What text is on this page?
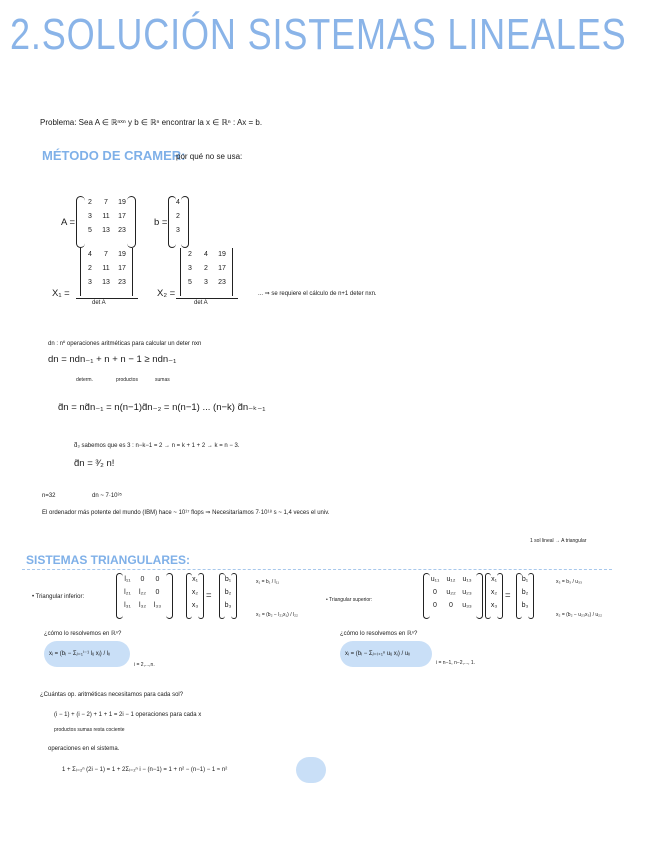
2.SOLUCIÓN SISTEMAS LINEALES
Problema: Sea A ∈ ℝⁿˣⁿ y b ∈ ℝⁿ encontrar la x ∈ ℝⁿ : Ax = b.
MÉTODO DE CRAMER:
por qué no se usa:
A =
2	7	19
3	11	17
5	13	23
b =
4
2
3
X₁ =
4	7	19
2	11	17
3	13	23
det A
X₂ =
2	4	19
3	2	17
5	3	23
det A
... ⇒ se requiere el cálculo de n+1 deter nxn.
dn : nº operaciones aritméticas para calcular un deter nxn
dn = ndn₋₁ + n + n − 1 ≥ ndn₋₁
determ.	productos	sumas
d̃n = nd̃n₋₁ = n(n−1)d̃n₋₂ = n(n−1) ... (n−k) d̃n₋ₖ₋₁
d̃₃ sabemos que es 3 : n−k−1 = 2 → n = k + 1 + 2 → k = n − 3.
d̃n = ³⁄₂ n!
n=32	dn ~ 7·10³⁵
El ordenador más potente del mundo (IBM) hace ~ 10¹⁷ flops ⇒ Necesitaríamos 7·10¹⁸ s ~ 1,4 veces el univ.
1 sol lineal → A triangular
SISTEMAS TRIANGULARES:
• Triangular inferior:
l₁₁	0	0
l₂₁	l₂₂	0
l₃₁	l₃₂	l₃₃
x₁
x₂
x₃
=
b₁
b₂
b₃
x₁ = b₁ / l₁₁
x₂ = (b₂ − l₂₁x₁) / l₂₂
• Triangular superior:
u₁₁	u₁₂ u₁₃
0	u₂₂ u₂₃
0	0	u₃₃
x₁
x₂
x₃
=
b₁
b₂
b₃
x₃ = b₃ / u₃₃
x₂ = (b₂ − u₂₃x₃) / u₂₂
¿cómo lo resolvemos en ℝⁿ?	¿cómo lo resolvemos en ℝⁿ?
xᵢ = (bᵢ − Σⱼ₌₁ⁱ⁻¹ lᵢⱼ xⱼ) / lᵢᵢ
i = 2,...,n.
xᵢ = (bᵢ − Σⱼ₌ᵢ₊₁ⁿ uᵢⱼ xⱼ) / uᵢᵢ
i = n−1, n−2,..., 1.
¿Cuántas op. aritméticas necesitamos para cada sol?
(i − 1) + (i − 2) + 1 + 1 = 2i − 1 operaciones para cada x
productos sumas resta cociente
operaciones en el sistema.
1 + Σᵢ₌₂ⁿ (2i − 1) = 1 + 2Σᵢ₌₂ⁿ i − (n−1) = 1 + n² − (n−1) − 1 ≈ n²
